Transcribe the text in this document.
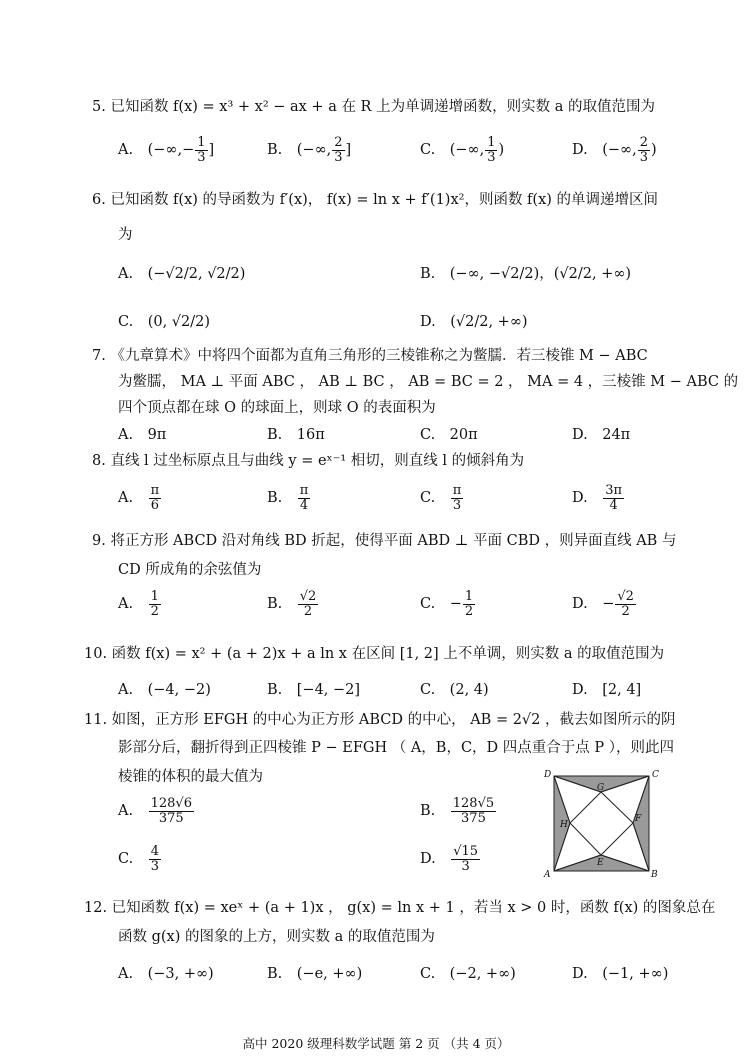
5. 已知函数 f(x) = x³ + x² − ax + a 在 R 上为单调递增函数，则实数 a 的取值范围为
A.　 (−∞,− $\frac{1}{3}$ ]	B.　 (−∞, $\frac{2}{3}$ ]	C.　 (−∞, $\frac{1}{3}$ )	D.　 (−∞, $\frac{2}{3}$ )
6. 已知函数 f(x) 的导函数为 f′(x)， f(x) = ln x + f′(1)x²，则函数 f(x) 的单调递增区间
为
A.　 (−√2/2, √2/2)	B.　 (−∞, −√2/2)，(√2/2, +∞)
C.　 (0, √2/2)	D.　 (√2/2, +∞)
7. 《九章算术》中将四个面都为直角三角形的三棱锥称之为鳖臑．若三棱锥 M − ABC
为鳖臑， MA ⊥ 平面 ABC ， AB ⊥ BC ， AB = BC = 2 ， MA = 4 ，三棱锥 M − ABC 的
四个顶点都在球 O 的球面上，则球 O 的表面积为
A.　9π	B.　16π	C.　20π	D.　24π
8. 直线 l 过坐标原点且与曲线 y = eˣ⁻¹ 相切，则直线 l 的倾斜角为
A.　 $\frac{\pi}{6}$	B.　 $\frac{\pi}{4}$	C.　 $\frac{\pi}{3}$	D.　 $\frac{3\pi}{4}$
9. 将正方形 ABCD 沿对角线 BD 折起，使得平面 ABD ⊥ 平面 CBD ，则异面直线 AB 与
CD 所成角的余弦值为
A.　 $\frac{1}{2}$	B.　 $\frac{√2}{2}$	C.　 − $\frac{1}{2}$	D.　 − $\frac{√2}{2}$
10. 函数 f(x) = x² + (a + 2)x + a ln x 在区间 [1, 2] 上不单调，则实数 a 的取值范围为
A.　(−4, −2)	B.　[−4, −2]	C.　(2, 4)	D.　[2, 4]
11. 如图，正方形 EFGH 的中心为正方形 ABCD 的中心， AB = 2√2 ，截去如图所示的阴
影部分后，翻折得到正四棱锥 P − EFGH （ A，B，C，D 四点重合于点 P ），则此四
棱锥的体积的最大值为
A.　 $\frac{128√6}{375}$	B.　 $\frac{128√5}{375}$
C.　 $\frac{4}{3}$	D.　 $\frac{√15}{3}$
D	C
A	B
G
F
E
H
12. 已知函数 f(x) = xeˣ + (a + 1)x ， g(x) = ln x + 1 ，若当 x > 0 时，函数 f(x) 的图象总在
函数 g(x) 的图象的上方，则实数 a 的取值范围为
A.　(−3, +∞)	B.　(−e, +∞)	C.　(−2, +∞)	D.　(−1, +∞)
高中 2020 级理科数学试题 第 2 页 （共 4 页）
